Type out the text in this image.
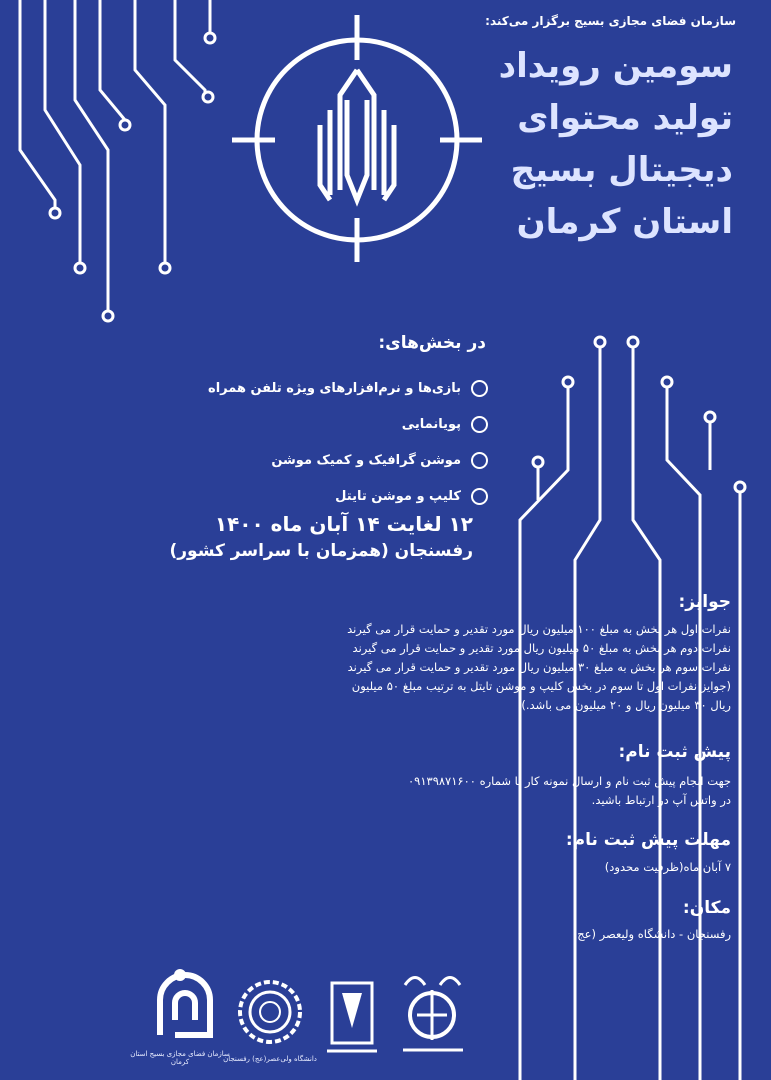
سازمان فضای مجازی بسیج برگزار می‌کند:
سومین رویداد
تولید محتوای
دیجیتال بسیج
استان کرمان
در بخش‌های:
بازی‌ها و نرم‌افزارهای ویژه تلفن همراه
پویانمایی
موشن گرافیک و کمیک موشن
کلیپ و موشن تایتل
۱۲ لغایت ۱۴ آبان ماه ۱۴۰۰
رفسنجان (همزمان با سراسر کشور)
جوایز:
نفرات اول هر بخش به مبلغ ۱۰۰ میلیون ریال مورد تقدیر و حمایت قرار می گیرند
نفرات دوم هر بخش به مبلغ ۵۰ میلیون ریال مورد تقدیر و حمایت قرار می گیرند
نفرات سوم هر بخش به مبلغ ۳۰ میلیون ریال مورد تقدیر و حمایت قرار می گیرند
(جوایز نفرات اول تا سوم در بخش کلیپ و موشن تایتل به ترتیب مبلغ ۵۰ میلیون
ریال ۳۰ میلیون ریال و ۲۰ میلیون می باشد.)
پیش ثبت نام:
جهت انجام پیش ثبت نام و ارسال نمونه کار با شماره ۰۹۱۳۹۸۷۱۶۰۰
در واتس آپ در ارتباط باشید.
مهلت پیش ثبت نام:
۷ آبان ماه(ظرفیت محدود)
مکان:
رفسنجان - دانشگاه ولیعصر (عج)
سازمان فضای مجازی بسیج استان کرمان	دانشگاه ولی‌عصر(عج) رفسنجان
